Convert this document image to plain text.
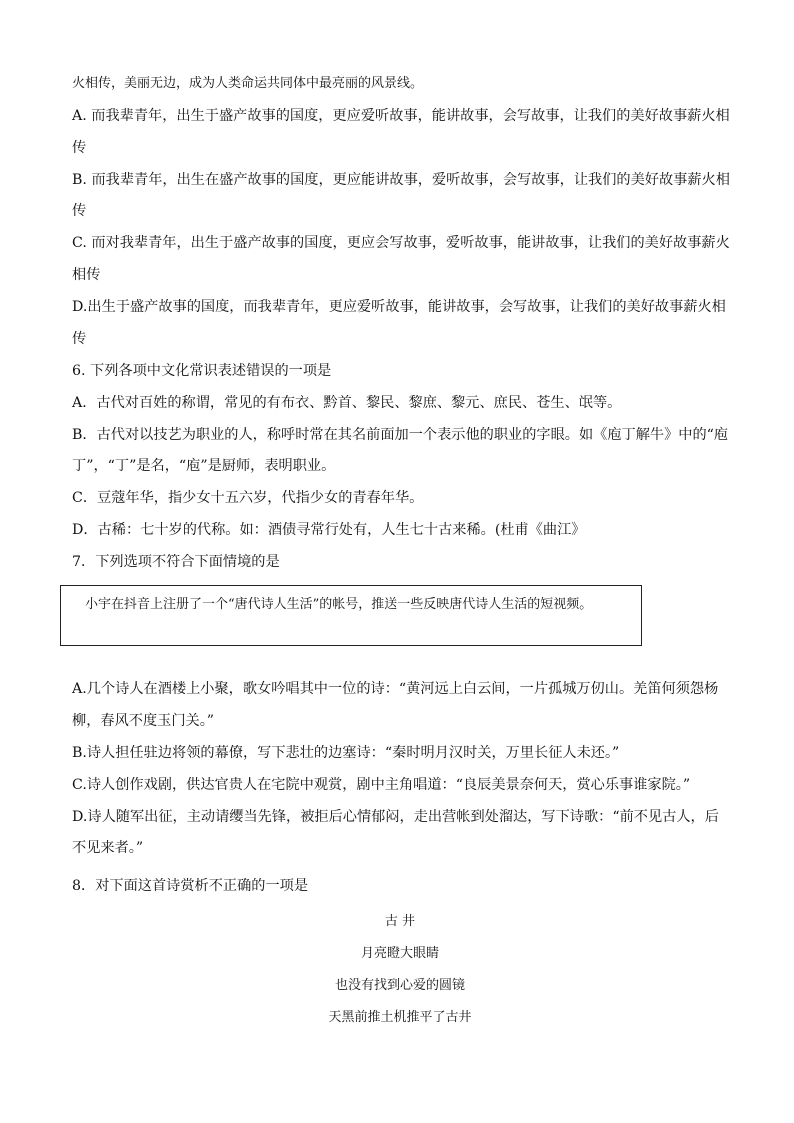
火相传，美丽无边，成为人类命运共同体中最亮丽的风景线。
A. 而我辈青年，出生于盛产故事的国度，更应爱听故事，能讲故事，会写故事，让我们的美好故事薪火相
传
B. 而我辈青年，出生在盛产故事的国度，更应能讲故事，爱听故事，会写故事，让我们的美好故事薪火相
传
C. 而对我辈青年，出生于盛产故事的国度，更应会写故事，爱听故事，能讲故事，让我们的美好故事薪火
相传
D.出生于盛产故事的国度，而我辈青年，更应爱听故事，能讲故事，会写故事，让我们的美好故事薪火相
传
6. 下列各项中文化常识表述错误的一项是
A．古代对百姓的称谓，常见的有布衣、黔首、黎民、黎庶、黎元、庶民、苍生、氓等。
B．古代对以技艺为职业的人，称呼时常在其名前面加一个表示他的职业的字眼。如《庖丁解牛》中的“庖
丁”，“丁”是名，“庖”是厨师，表明职业。
C．豆蔻年华，指少女十五六岁，代指少女的青春年华。
D．古稀：七十岁的代称。如：酒债寻常行处有，人生七十古来稀。(杜甫《曲江》
7．下列选项不符合下面情境的是
小宇在抖音上注册了一个“唐代诗人生活”的帐号，推送一些反映唐代诗人生活的短视频。
A.几个诗人在酒楼上小聚，歌女吟唱其中一位的诗：“黄河远上白云间，一片孤城万仞山。羌笛何须怨杨
柳，春风不度玉门关。”
B.诗人担任驻边将领的幕僚，写下悲壮的边塞诗：“秦时明月汉时关，万里长征人未还。”
C.诗人创作戏剧，供达官贵人在宅院中观赏，剧中主角唱道：“良辰美景奈何天，赏心乐事谁家院。”
D.诗人随军出征，主动请缨当先锋，被拒后心情郁闷，走出营帐到处溜达，写下诗歌：“前不见古人，后
不见来者。”
8．对下面这首诗赏析不正确的一项是
古 井
月亮瞪大眼睛
也没有找到心爱的圆镜
天黑前推土机推平了古井
